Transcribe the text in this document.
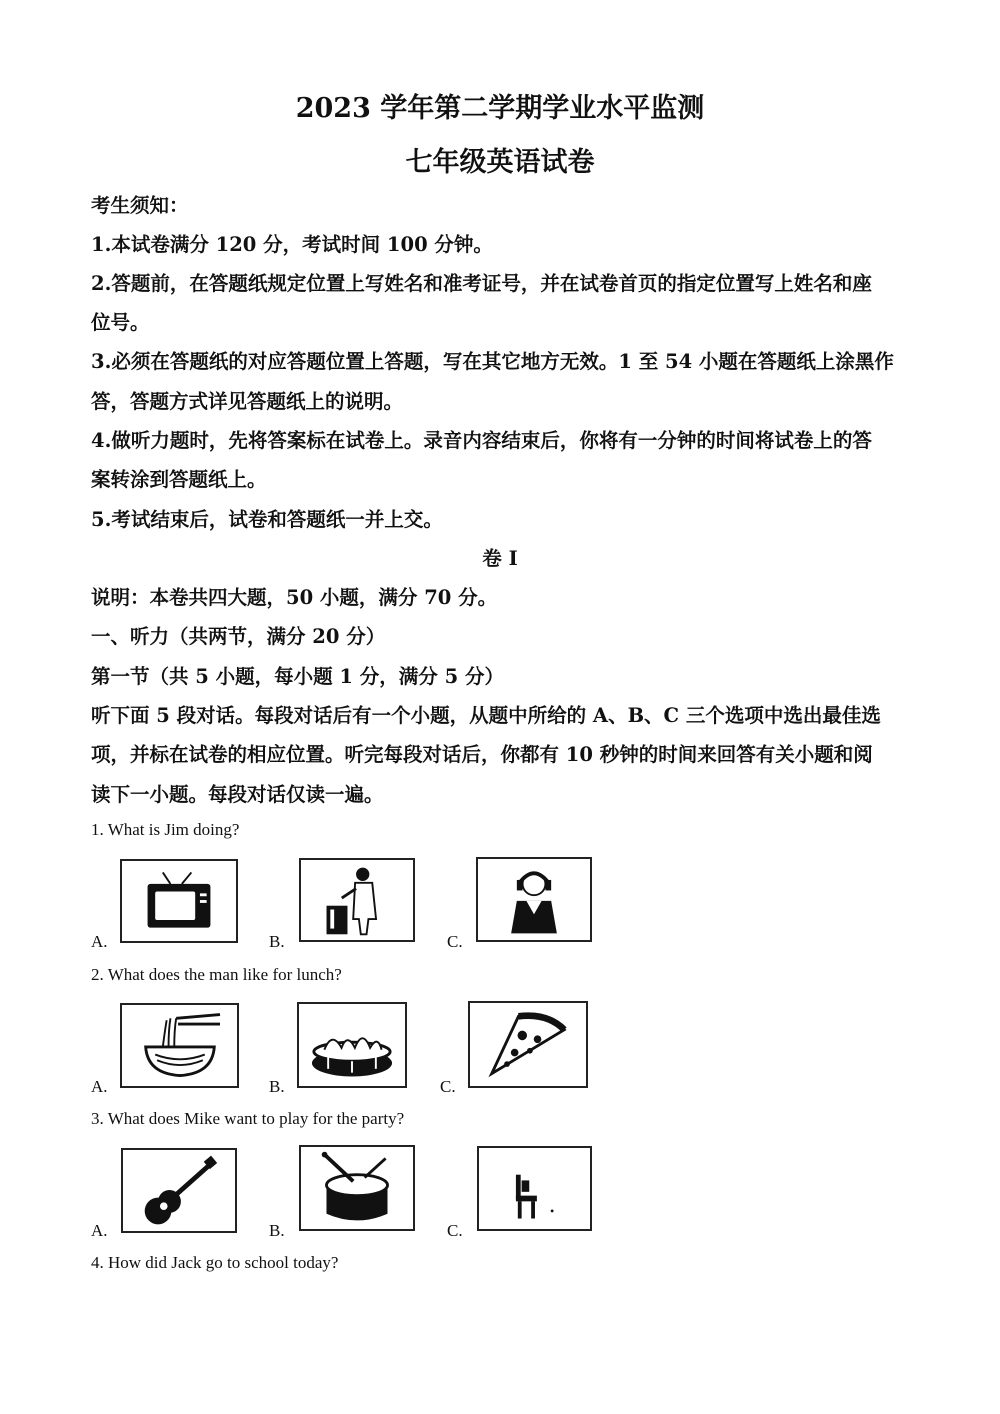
2023 学年第二学期学业水平监测
七年级英语试卷
考生须知：
1.本试卷满分 120 分，考试时间 100 分钟。
2.答题前，在答题纸规定位置上写姓名和准考证号，并在试卷首页的指定位置写上姓名和座
位号。
3.必须在答题纸的对应答题位置上答题，写在其它地方无效。1 至 54 小题在答题纸上涂黑作
答，答题方式详见答题纸上的说明。
4.做听力题时，先将答案标在试卷上。录音内容结束后，你将有一分钟的时间将试卷上的答
案转涂到答题纸上。
5.考试结束后，试卷和答题纸一并上交。
卷 I
说明：本卷共四大题，50 小题，满分 70 分。
一、听力（共两节，满分 20 分）
第一节（共 5 小题，每小题 1 分，满分 5 分）
听下面 5 段对话。每段对话后有一个小题，从题中所给的 A、B、C 三个选项中选出最佳选
项，并标在试卷的相应位置。听完每段对话后，你都有 10 秒钟的时间来回答有关小题和阅
读下一小题。每段对话仅读一遍。
1. What is Jim doing?
A.	B.	C.
2. What does the man like for lunch?
A.	B.	C.
3. What does Mike want to play for the party?
A.	B.	C.
4. How did Jack go to school today?
